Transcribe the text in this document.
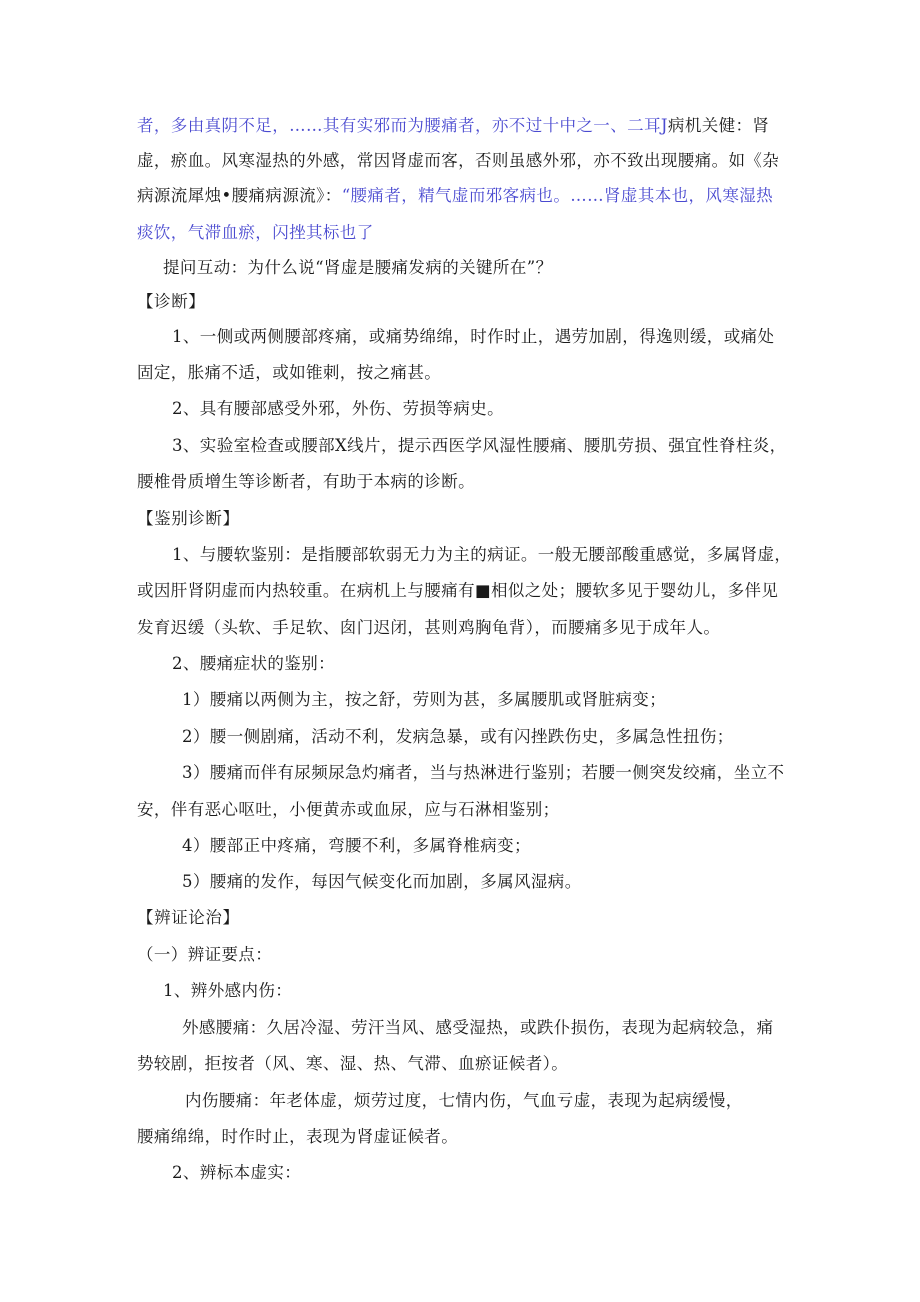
者，多由真阴不足，……其有实邪而为腰痛者，亦不过十中之一、二耳J病机关健：肾
虚，瘀血。风寒湿热的外感，常因肾虚而客，否则虽感外邪，亦不致出现腰痛。如《杂
病源流犀烛•腰痛病源流》：“腰痛者，精气虚而邪客病也。……肾虚其本也，风寒湿热
痰饮，气滞血瘀，闪挫其标也了
提问互动：为什么说“肾虚是腰痛发病的关键所在”？
【诊断】
1、一侧或两侧腰部疼痛，或痛势绵绵，时作时止，遇劳加剧，得逸则缓，或痛处
固定，胀痛不适，或如锥刺，按之痛甚。
2、具有腰部感受外邪，外伤、劳损等病史。
3、实验室检查或腰部X线片，提示西医学风湿性腰痛、腰肌劳损、强宜性脊柱炎，
腰椎骨质增生等诊断者，有助于本病的诊断。
【鉴别诊断】
1、与腰软鉴别：是指腰部软弱无力为主的病证。一般无腰部酸重感觉，多属肾虚，
或因肝肾阴虚而内热较重。在病机上与腰痛有■相似之处；腰软多见于婴幼儿，多伴见
发育迟缓（头软、手足软、囱门迟闭，甚则鸡胸龟背），而腰痛多见于成年人。
2、腰痛症状的鉴别：
1）腰痛以两侧为主，按之舒，劳则为甚，多属腰肌或肾脏病变；
2）腰一侧剧痛，活动不利，发病急暴，或有闪挫跌伤史，多属急性扭伤；
3）腰痛而伴有尿频尿急灼痛者，当与热淋进行鉴别；若腰一侧突发绞痛，坐立不
安，伴有恶心呕吐，小便黄赤或血尿，应与石淋相鉴别；
4）腰部正中疼痛，弯腰不利，多属脊椎病变；
5）腰痛的发作，每因气候变化而加剧，多属风湿病。
【辨证论治】
（一）辨证要点：
1、辨外感内伤：
外感腰痛：久居冷湿、劳汗当风、感受湿热，或跌仆损伤，表现为起病较急，痛
势较剧，拒按者（风、寒、湿、热、气滞、血瘀证候者）。
内伤腰痛：年老体虚，烦劳过度，七情内伤，气血亏虚，表现为起病缓慢，
腰痛绵绵，时作时止，表现为肾虚证候者。
2、辨标本虚实：
